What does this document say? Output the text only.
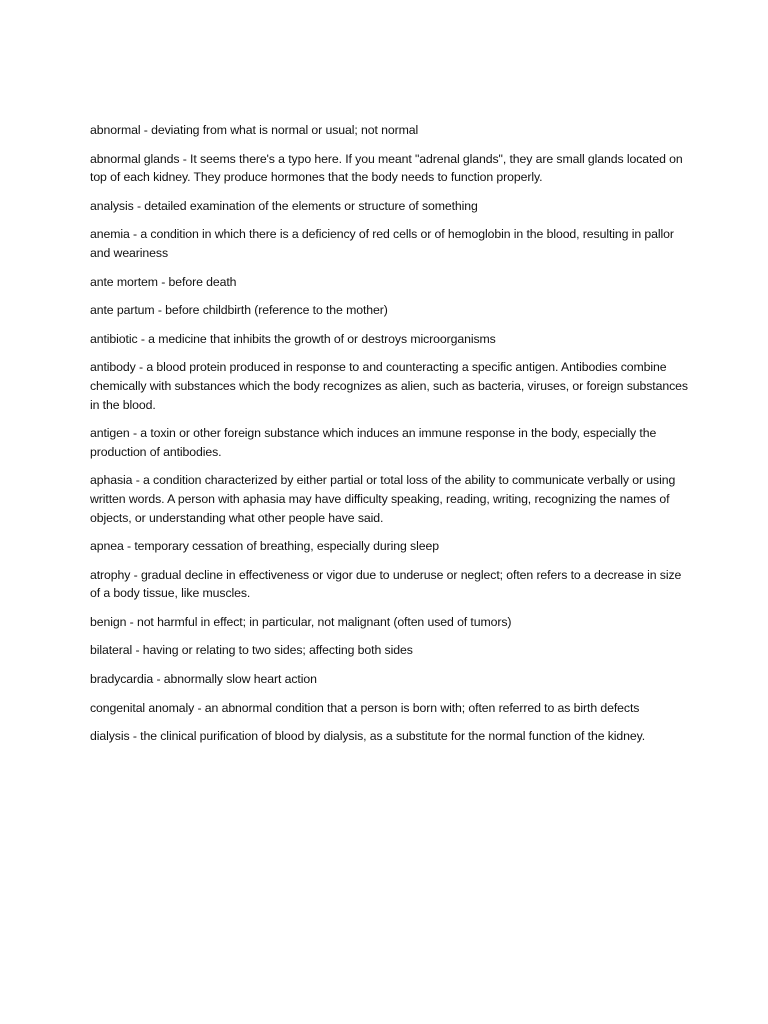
abnormal - deviating from what is normal or usual; not normal

abnormal glands - It seems there's a typo here. If you meant "adrenal glands", they are small glands located on top of each kidney. They produce hormones that the body needs to function properly.

analysis - detailed examination of the elements or structure of something

anemia - a condition in which there is a deficiency of red cells or of hemoglobin in the blood, resulting in pallor and weariness

ante mortem - before death

ante partum - before childbirth (reference to the mother)

antibiotic - a medicine that inhibits the growth of or destroys microorganisms

antibody - a blood protein produced in response to and counteracting a specific antigen. Antibodies combine chemically with substances which the body recognizes as alien, such as bacteria, viruses, or foreign substances in the blood.

antigen - a toxin or other foreign substance which induces an immune response in the body, especially the production of antibodies.

aphasia - a condition characterized by either partial or total loss of the ability to communicate verbally or using written words. A person with aphasia may have difficulty speaking, reading, writing, recognizing the names of objects, or understanding what other people have said.

apnea - temporary cessation of breathing, especially during sleep

atrophy - gradual decline in effectiveness or vigor due to underuse or neglect; often refers to a decrease in size of a body tissue, like muscles.

benign - not harmful in effect; in particular, not malignant (often used of tumors)

bilateral - having or relating to two sides; affecting both sides

bradycardia - abnormally slow heart action

congenital anomaly - an abnormal condition that a person is born with; often referred to as birth defects

dialysis - the clinical purification of blood by dialysis, as a substitute for the normal function of the kidney.
